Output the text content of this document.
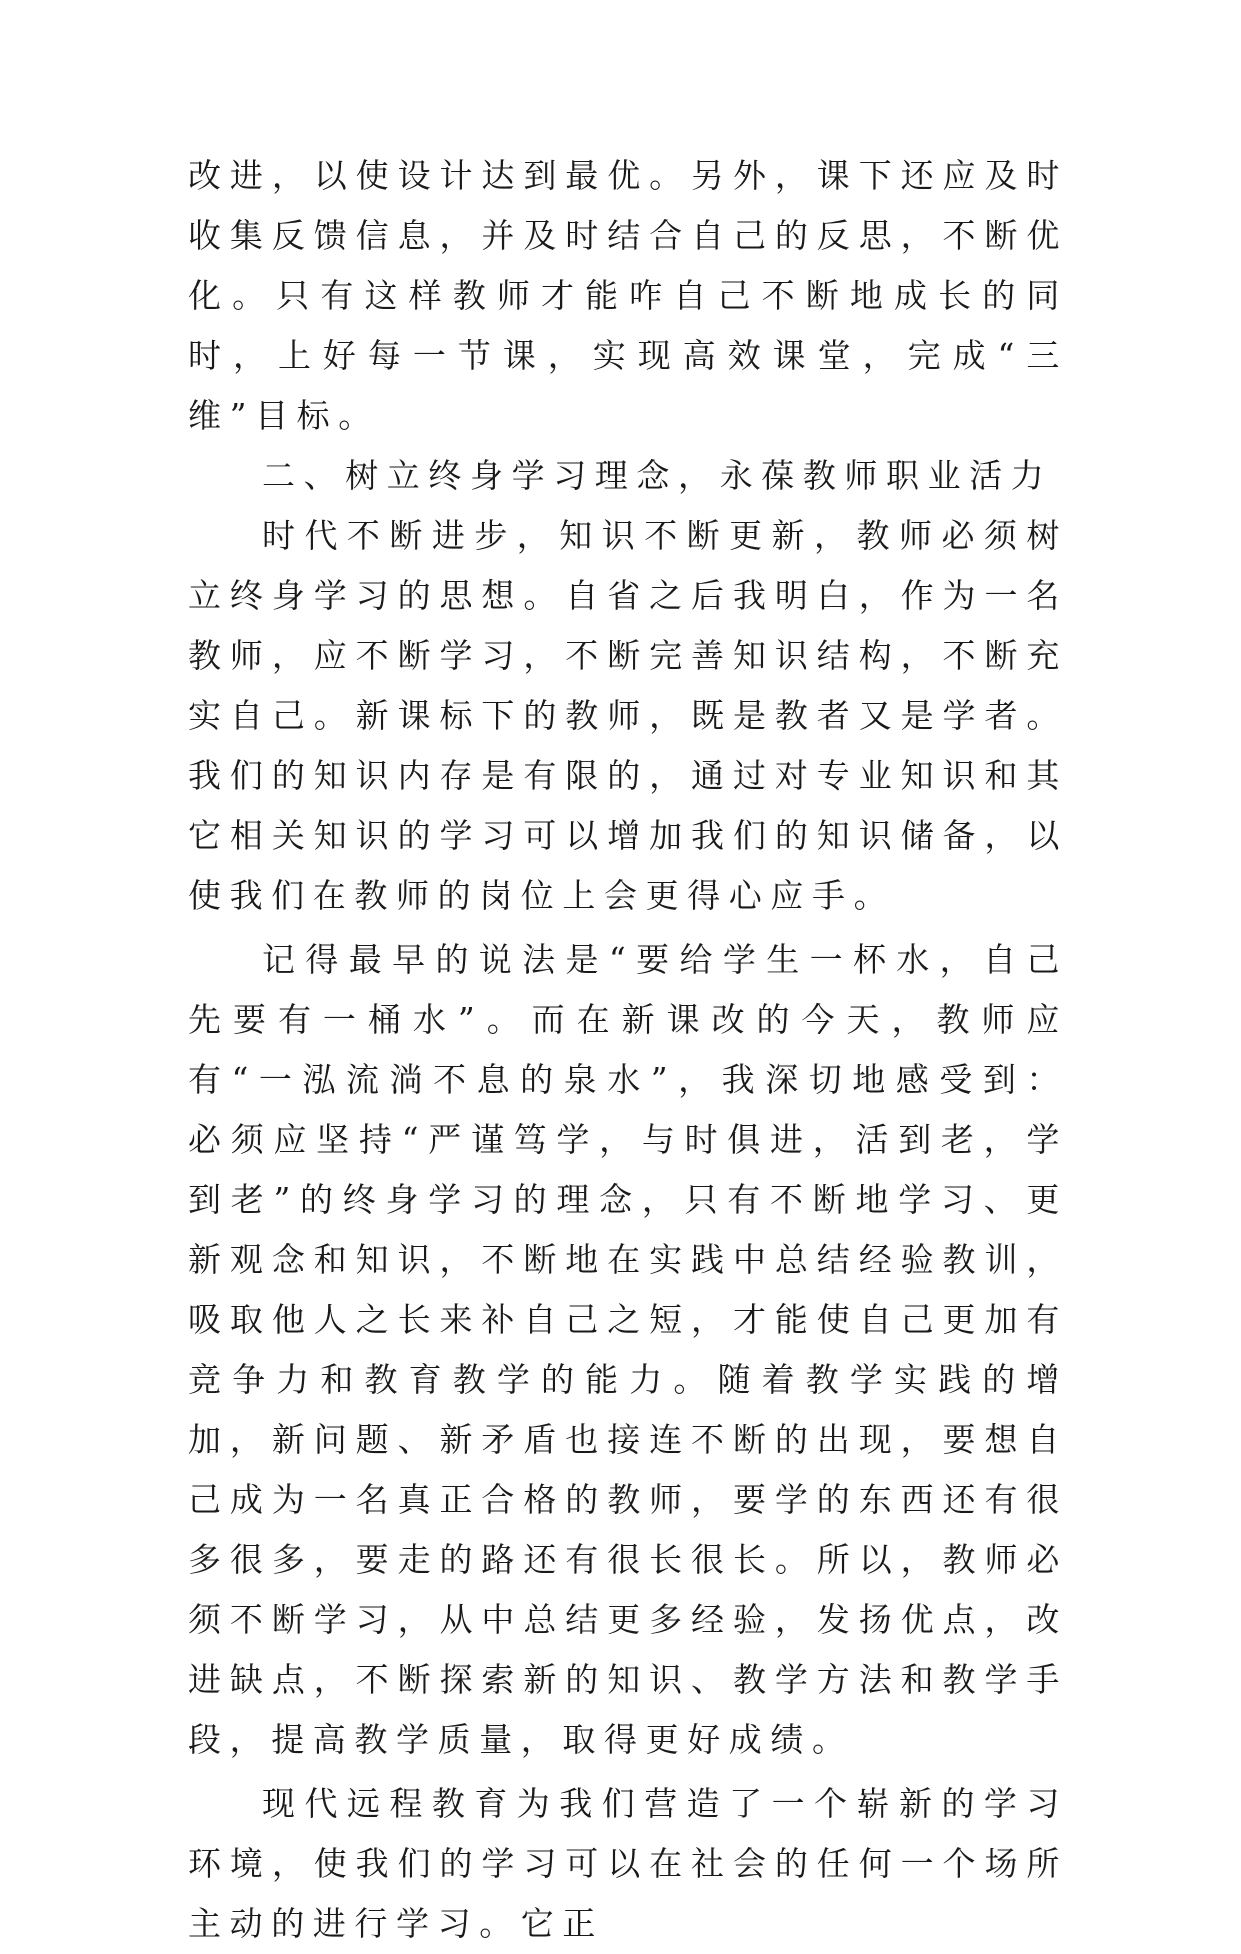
改进，以使设计达到最优。另外，课下还应及时收集反馈信息，并及时结合自己的反思，不断优化。只有这样教师才能咋自己不断地成长的同时，上好每一节课，实现高效课堂，完成“三维”目标。

二、树立终身学习理念，永葆教师职业活力

时代不断进步，知识不断更新，教师必须树立终身学习的思想。自省之后我明白，作为一名教师，应不断学习，不断完善知识结构，不断充实自己。新课标下的教师，既是教者又是学者。我们的知识内存是有限的，通过对专业知识和其它相关知识的学习可以增加我们的知识储备，以使我们在教师的岗位上会更得心应手。

记得最早的说法是“要给学生一杯水，自己先要有一桶水”。而在新课改的今天，教师应有“一泓流淌不息的泉水”，我深切地感受到：必须应坚持“严谨笃学，与时俱进，活到老，学到老”的终身学习的理念，只有不断地学习、更新观念和知识，不断地在实践中总结经验教训，吸取他人之长来补自己之短，才能使自己更加有竞争力和教育教学的能力。随着教学实践的增加，新问题、新矛盾也接连不断的出现，要想自己成为一名真正合格的教师，要学的东西还有很多很多，要走的路还有很长很长。所以，教师必须不断学习，从中总结更多经验，发扬优点，改进缺点，不断探索新的知识、教学方法和教学手段，提高教学质量，取得更好成绩。

现代远程教育为我们营造了一个崭新的学习环境，使我们的学习可以在社会的任何一个场所主动的进行学习。它正
